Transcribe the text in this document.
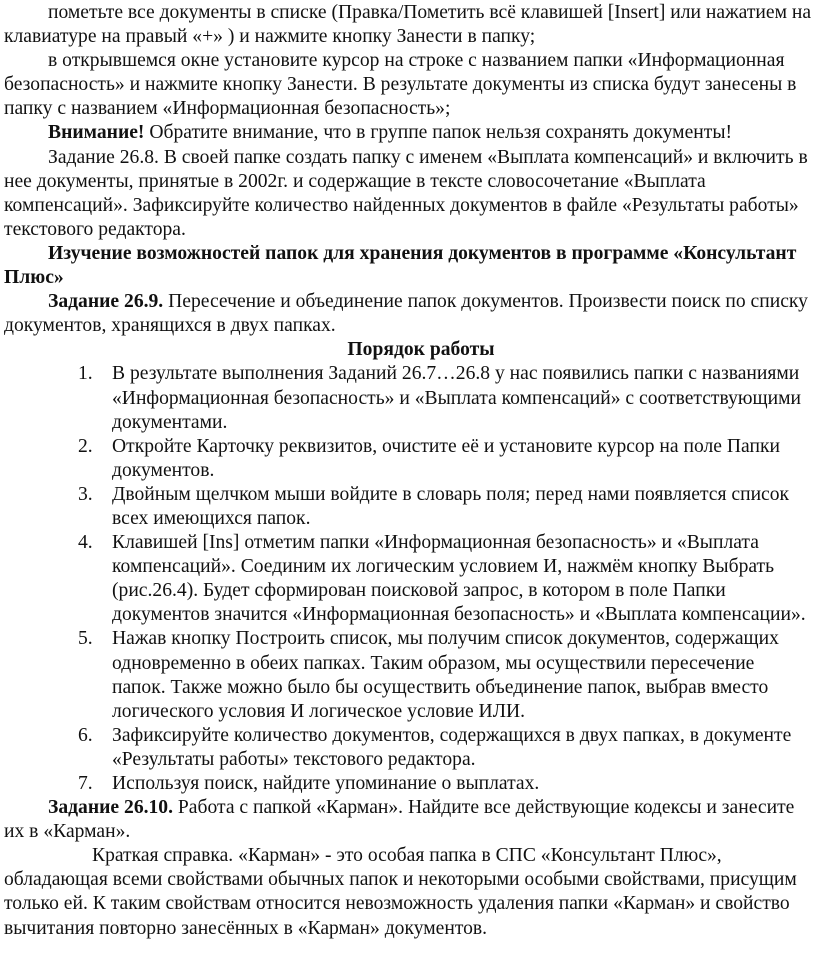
пометьте все документы в списке (Правка/Пометить всё клавишей [Insert] или нажатием на клавиатуре на правый «+» ) и нажмите кнопку Занести в папку;

в открывшемся окне установите курсор на строке с названием папки «Информационная безопасность» и нажмите кнопку Занести. В результате документы из списка будут занесены в папку с названием «Информационная безопасность»;

Внимание! Обратите внимание, что в группе папок нельзя сохранять документы!

Задание 26.8. В своей папке создать папку с именем «Выплата компенсаций» и включить в нее документы, принятые в 2002г. и содержащие в тексте словосочетание «Выплата компенсаций». Зафиксируйте количество найденных документов в файле «Результаты работы» текстового редактора.

Изучение возможностей папок для хранения документов в программе «Консультант Плюс»

Задание 26.9. Пересечение и объединение папок документов. Произвести поиск по списку документов, хранящихся в двух папках.

Порядок работы

1. В результате выполнения Заданий 26.7…26.8 у нас появились папки с названиями «Информационная безопасность» и «Выплата компенсаций» с соответствующими документами.
2. Откройте Карточку реквизитов, очистите её и установите курсор на поле Папки документов.
3. Двойным щелчком мыши войдите в словарь поля; перед нами появляется список всех имеющихся папок.
4. Клавишей [Ins] отметим папки «Информационная безопасность» и «Выплата компенсаций». Соединим их логическим условием И, нажмём кнопку Выбрать (рис.26.4). Будет сформирован поисковой запрос, в котором в поле Папки документов значится «Информационная безопасность» и «Выплата компенсации».
5. Нажав кнопку Построить список, мы получим список документов, содержащих одновременно в обеих папках. Таким образом, мы осуществили пересечение папок. Также можно было бы осуществить объединение папок, выбрав вместо логического условия И логическое условие ИЛИ.
6. Зафиксируйте количество документов, содержащихся в двух папках, в документе «Результаты работы» текстового редактора.
7. Используя поиск, найдите упоминание о выплатах.

Задание 26.10. Работа с папкой «Карман». Найдите все действующие кодексы и занесите их в «Карман».

Краткая справка. «Карман» - это особая папка в СПС «Консультант Плюс», обладающая всеми свойствами обычных папок и некоторыми особыми свойствами, присущим только ей. К таким свойствам относится невозможность удаления папки «Карман» и свойство вычитания повторно занесённых в «Карман» документов.
